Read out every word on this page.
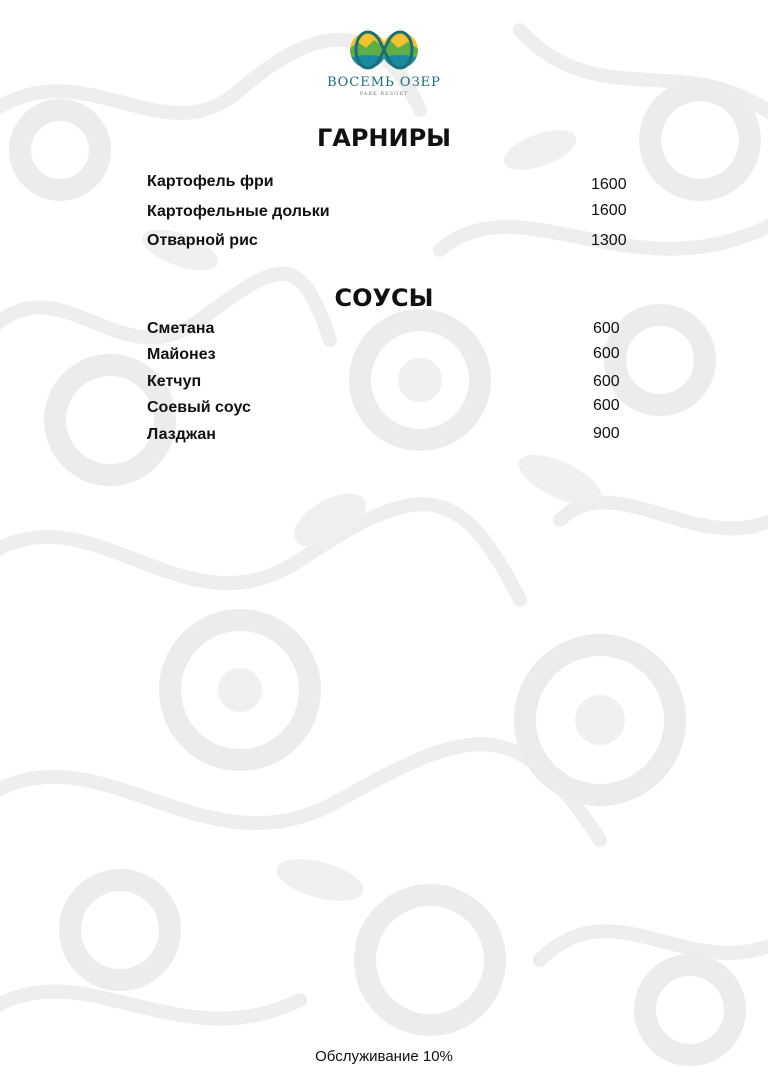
ВОСЕМЬ ОЗЕР
PARK RESORT
ГАРНИРЫ
Картофель фри	1600
Картофельные дольки	1600
Отварной рис	1300
СОУСЫ
Сметана	600
Майонез	600
Кетчуп	600
Соевый соус	600
Лазджан	900
Обслуживание 10%
